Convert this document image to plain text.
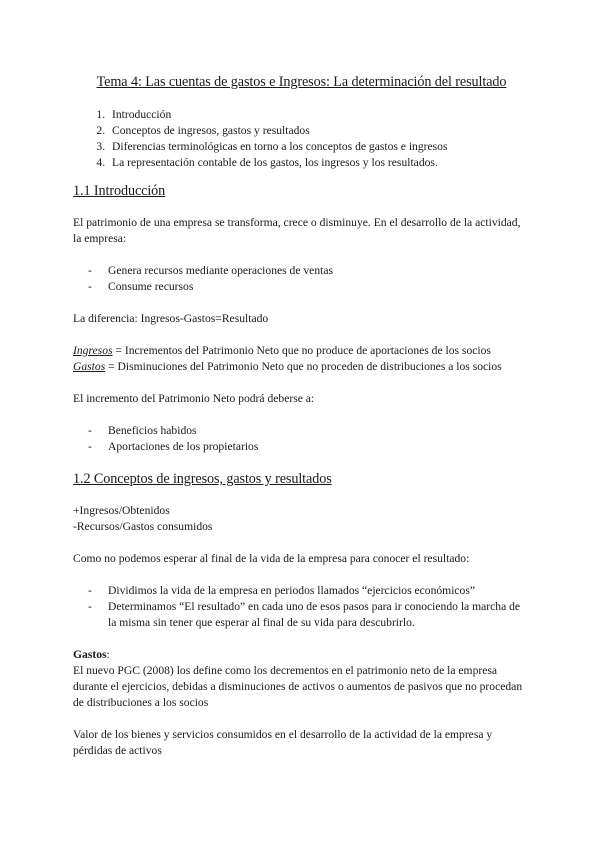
Tema 4: Las cuentas de gastos e Ingresos: La determinación del resultado
1. Introducción
2. Conceptos de ingresos, gastos y resultados
3. Diferencias terminológicas en torno a los conceptos de gastos e ingresos
4. La representación contable de los gastos, los ingresos y los resultados.
1.1 Introducción

El patrimonio de una empresa se transforma, crece o disminuye. En el desarrollo de la actividad, la empresa:

- Genera recursos mediante operaciones de ventas
- Consume recursos

La diferencia: Ingresos-Gastos=Resultado

Ingresos = Incrementos del Patrimonio Neto que no produce de aportaciones de los socios
Gastos = Disminuciones del Patrimonio Neto que no proceden de distribuciones a los socios

El incremento del Patrimonio Neto podrá deberse a:

- Beneficios habidos
- Aportaciones de los propietarios
1.2 Conceptos de ingresos, gastos y resultados

+Ingresos/Obtenidos
-Recursos/Gastos consumidos

Como no podemos esperar al final de la vida de la empresa para conocer el resultado:

- Dividimos la vida de la empresa en periodos llamados “ejercicios económicos”
- Determinamos “El resultado” en cada uno de esos pasos para ir conociendo la marcha de la misma sin tener que esperar al final de su vida para descubrirlo.

Gastos:

El nuevo PGC (2008) los define como los decrementos en el patrimonio neto de la empresa durante el ejercicios, debidas a disminuciones de activos o aumentos de pasivos que no procedan de distribuciones a los socios

Valor de los bienes y servicios consumidos en el desarrollo de la actividad de la empresa y pérdidas de activos
